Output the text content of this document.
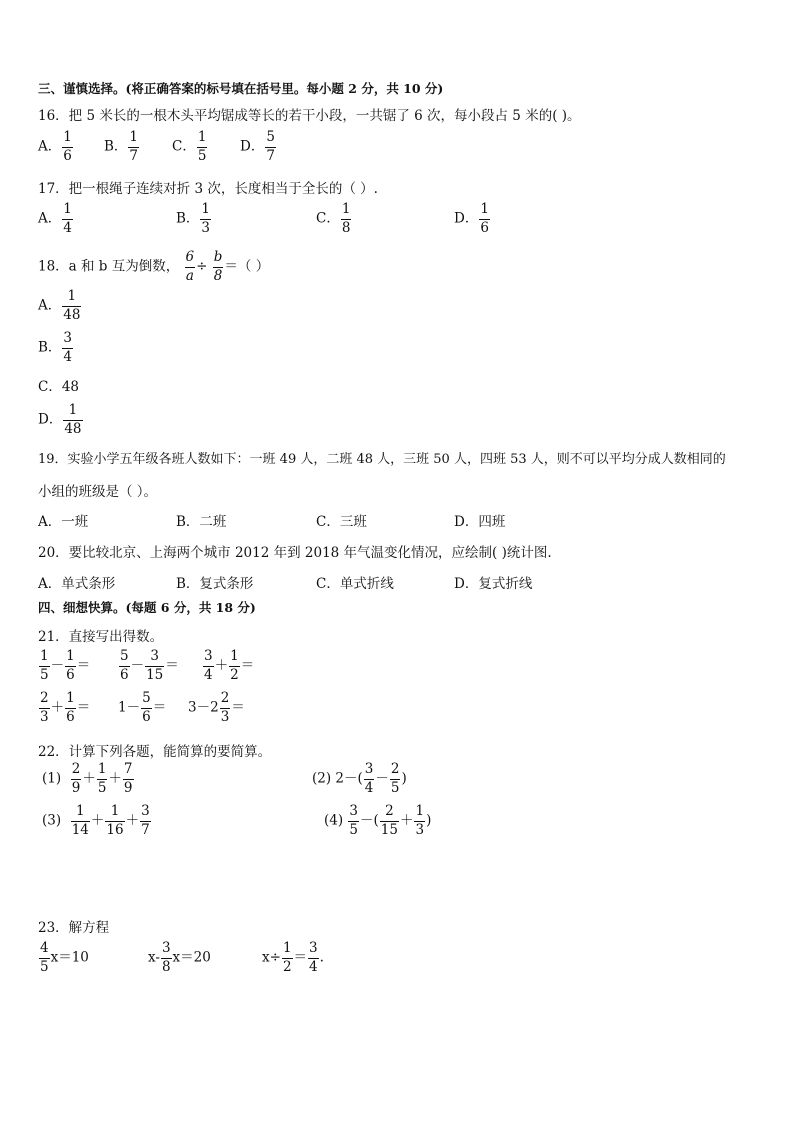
三、谨慎选择。(将正确答案的标号填在括号里。每小题 2 分，共 10 分)
16．把 5 米长的一根木头平均锯成等长的若干小段，一共锯了 6 次，每小段占 5 米的( )。
A． $\frac{1}{6}$ B． $\frac{1}{7}$ C． $\frac{1}{5}$ D． $\frac{5}{7}$
17．把一根绳子连续对折 3 次，长度相当于全长的（ ）.
A． $\frac{1}{4}$	B． $\frac{1}{3}$	C． $\frac{1}{8}$	D． $\frac{1}{6}$
18．a 和 b 互为倒数， $\frac{6}{a} \div \frac{b}{8}$ ＝（ ）
A． $\frac{1}{48}$
B． $\frac{3}{4}$
C．48
D． $\frac{1}{48}$
19．实验小学五年级各班人数如下：一班 49 人，二班 48 人，三班 50 人，四班 53 人，则不可以平均分成人数相同的
小组的班级是（ ）。
A．一班	B．二班	C．三班	D．四班
20．要比较北京、上海两个城市 2012 年到 2018 年气温变化情况，应绘制( )统计图.
A．单式条形	B．复式条形	C．单式折线	D．复式折线
四、细想快算。(每题 6 分，共 18 分)
21．直接写出得数。
$\frac{1}{5} - \frac{1}{6} = \frac{5}{6} - \frac{3}{15} = \frac{3}{4} + \frac{1}{2}$ ＝
$\frac{2}{3} + \frac{1}{6} = 1- \frac{5}{6} = 3-2 \frac{2}{3}$ ＝
22．计算下列各题，能简算的要简算。
$(1) \frac{2}{9} + \frac{1}{5} + \frac{7}{9}$	(2) $2-( \frac{3}{4} - \frac{2}{5}$ )
$(3) \frac{1}{14} + \frac{1}{16} + \frac{3}{7}$	$(4) \frac{3}{5}$ －( $\frac{2}{15} + \frac{1}{3}$ )
23．解方程
$\frac{4}{5} x=10$	$x- \frac{3}{8} x=20$	$x\div \frac{1}{2} = \frac{3}{4}$ .
